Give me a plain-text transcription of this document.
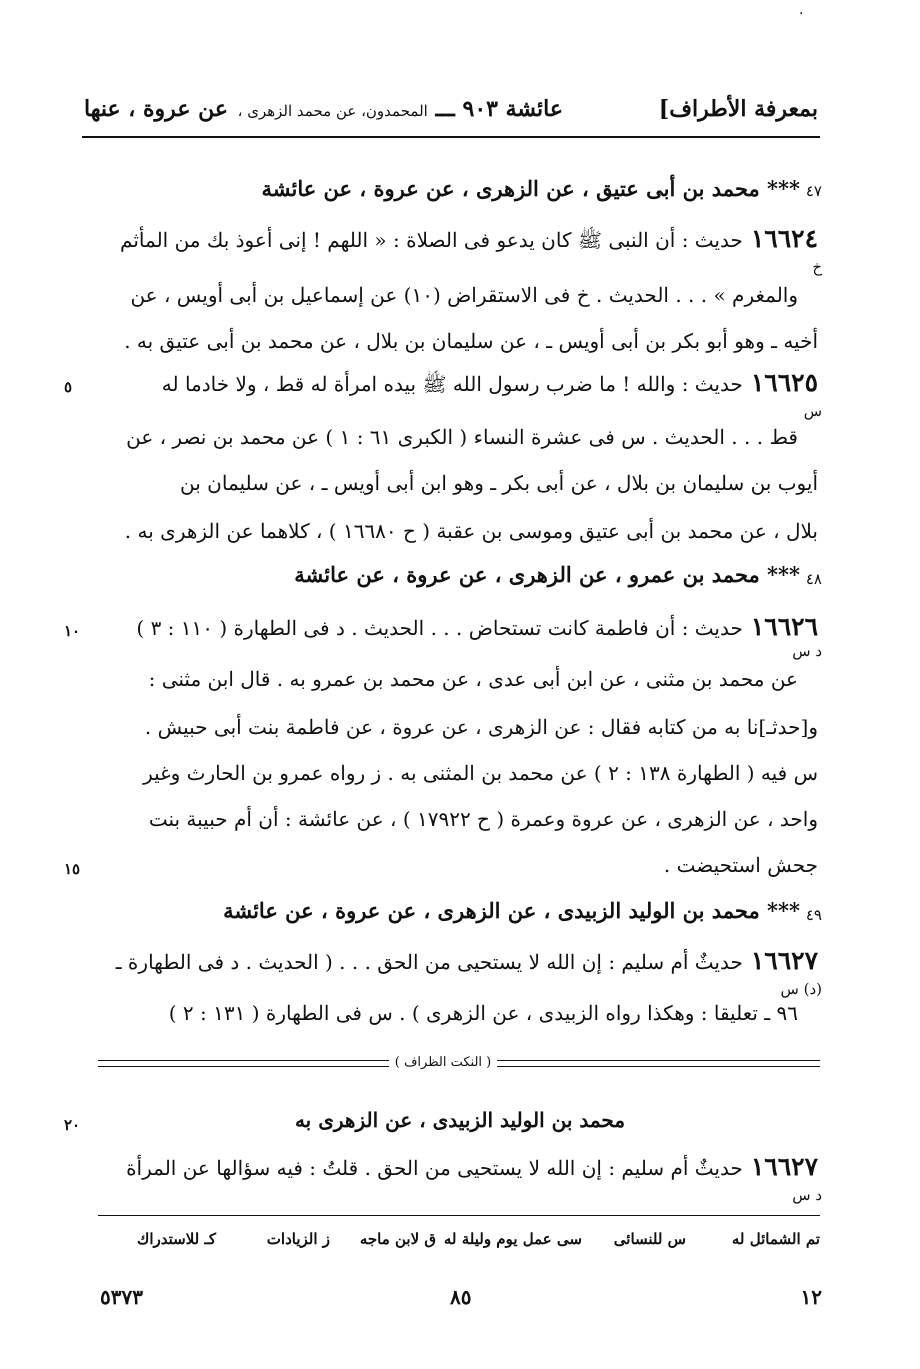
·
بمعرفة الأطراف]
عائشة ٩٠٣ ـــ المحمدون، عن محمد الزهرى ،
عن عروة ، عنها
٤٧
*** محمد بن أبى عتيق ، عن الزهرى ، عن عروة ، عن عائشة
١٦٦٢٤حديث : أن النبى ﷺ كان يدعو فى الصلاة : « اللهم ! إنى أعوذ بك من المأثم
خ
والمغرم » . . . الحديث . خ فى الاستقراض (١٠) عن إسماعيل بن أبى أويس ، عن
أخيه ـ وهو أبو بكر بن أبى أويس ـ ، عن سليمان بن بلال ، عن محمد بن أبى عتيق به .
٥	١٦٦٢٥حديث : والله ! ما ضرب رسول الله ﷺ بيده امرأة له قط ، ولا خادما له
س
قط . . . الحديث . س فى عشرة النساء ( الكبرى ٦١ : ١ ) عن محمد بن نصر ، عن
أيوب بن سليمان بن بلال ، عن أبى بكر ـ وهو ابن أبى أويس ـ ، عن سليمان بن
بلال ، عن محمد بن أبى عتيق وموسى بن عقبة ( ح ١٦٦٨٠ ) ، كلاهما عن الزهرى به .
٤٨
*** محمد بن عمرو ، عن الزهرى ، عن عروة ، عن عائشة
١٠	١٦٦٢٦حديث : أن فاطمة كانت تستحاض . . . الحديث . د فى الطهارة ( ١١٠ : ٣ )
د س
عن محمد بن مثنى ، عن ابن أبى عدى ، عن محمد بن عمرو به . قال ابن مثنى :
و[حدثـ]نا به من كتابه فقال : عن الزهرى ، عن عروة ، عن فاطمة بنت أبى حبيش .
س فيه ( الطهارة ١٣٨ : ٢ ) عن محمد بن المثنى به . ز رواه عمرو بن الحارث وغير
واحد ، عن الزهرى ، عن عروة وعمرة ( ح ١٧٩٢٢ ) ، عن عائشة : أن أم حبيبة بنت
جحش استحيضت .
١٥
٤٩
*** محمد بن الوليد الزبيدى ، عن الزهرى ، عن عروة ، عن عائشة
١٦٦٢٧حديثٌ أم سليم : إن الله لا يستحيى من الحق . . . ( الحديث . د فى الطهارة ـ
(د) س
٩٦ ـ تعليقا : وهكذا رواه الزبيدى ، عن الزهرى ) . س فى الطهارة ( ١٣١ : ٢ )
( النكت الظراف )
محمد بن الوليد الزبيدى ، عن الزهرى به
٢٠
١٦٦٢٧حديثٌ أم سليم : إن الله لا يستحيى من الحق . قلتُ : فيه سؤالها عن المرأة
د س
تم الشمائل له
س للنسائى
سى عمل يوم وليلة له
ق لابن ماجه
ز الزيادات
كـ للاستدراك
١٢
٨٥
٥٣٧٣
